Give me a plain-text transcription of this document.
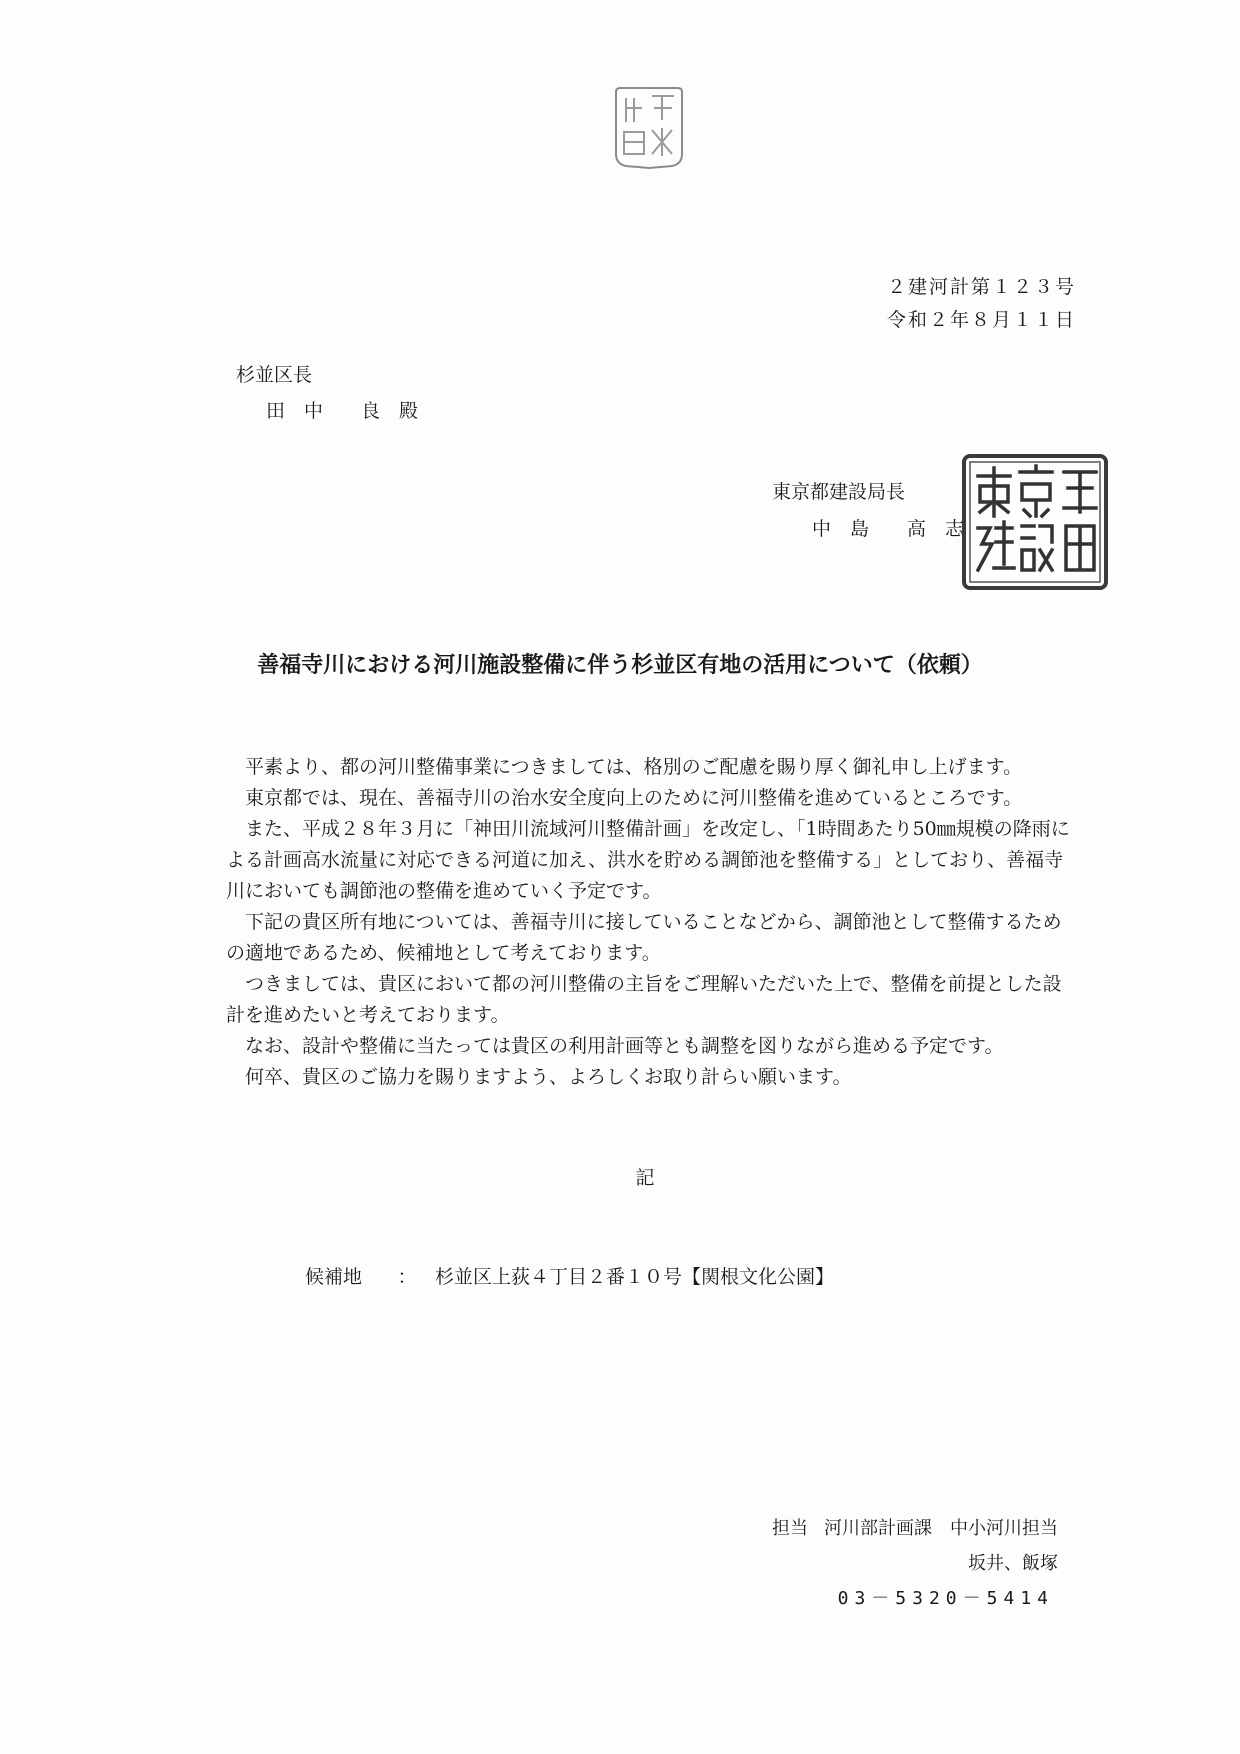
２建河計第１２３号
令和２年８月１１日
杉並区長
田　中　　良　殿
東京都建設局長
中　島　　高　志
善福寺川における河川施設整備に伴う杉並区有地の活用について（依頼）

平素より、都の河川整備事業につきましては、格別のご配慮を賜り厚く御礼申し上げます。

東京都では、現在、善福寺川の治水安全度向上のために河川整備を進めているところです。

また、平成２８年３月に「神田川流域河川整備計画」を改定し、「1時間あたり50㎜規模の降雨による計画高水流量に対応できる河道に加え、洪水を貯める調節池を整備する」としており、善福寺川においても調節池の整備を進めていく予定です。

下記の貴区所有地については、善福寺川に接していることなどから、調節池として整備するための適地であるため、候補地として考えております。

つきましては、貴区において都の河川整備の主旨をご理解いただいた上で、整備を前提とした設計を進めたいと考えております。

なお、設計や整備に当たっては貴区の利用計画等とも調整を図りながら進める予定です。

何卒、貴区のご協力を賜りますよう、よろしくお取り計らい願います。

記
候補地 ： 杉並区上荻４丁目２番１０号【関根文化公園】
担当 河川部計画課　中小河川担当
坂井、飯塚
03－5320－5414
